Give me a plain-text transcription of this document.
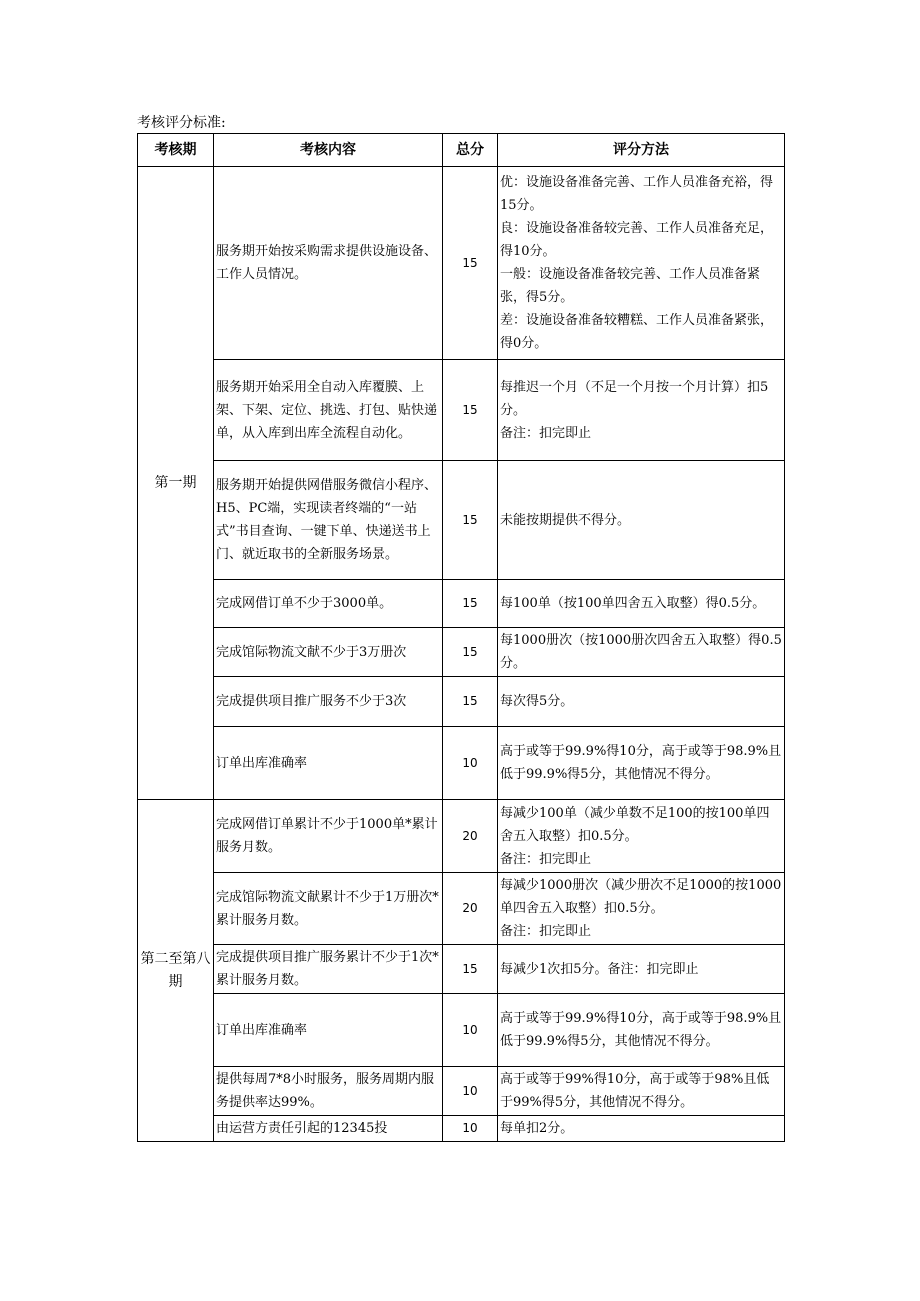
考核评分标准:
考核期	考核内容	总分	评分方法
第一期	服务期开始按采购需求提供设施设备、工作人员情况。	15	优：设施设备准备完善、工作人员准备充裕，得15分。

良：设施设备准备较完善、工作人员准备充足，得10分。

一般：设施设备准备较完善、工作人员准备紧张，得5分。

差：设施设备准备较糟糕、工作人员准备紧张，得0分。

	服务期开始采用全自动入库覆膜、上架、下架、定位、挑选、打包、贴快递单，从入库到出库全流程自动化。	15	每推迟一个月（不足一个月按一个月计算）扣5分。

备注：扣完即止

	服务期开始提供网借服务微信小程序、H5、PC端，实现读者终端的“一站式”书目查询、一键下单、快递送书上门、就近取书的全新服务场景。	15	未能按期提供不得分。

	完成网借订单不少于3000单。	15	每100单（按100单四舍五入取整）得0.5分。

	完成馆际物流文献不少于3万册次	15	每1000册次（按1000册次四舍五入取整）得0.5分。

	完成提供项目推广服务不少于3次	15	每次得5分。

	订单出库准确率	10	高于或等于99.9%得10分，高于或等于98.9%且低于99.9%得5分，其他情况不得分。

第二至第八期	完成网借订单累计不少于1000单*累计服务月数。	20	每减少100单（减少单数不足100的按100单四舍五入取整）扣0.5分。

备注：扣完即止

	完成馆际物流文献累计不少于1万册次*累计服务月数。	20	每减少1000册次（减少册次不足1000的按1000单四舍五入取整）扣0.5分。

备注：扣完即止

	完成提供项目推广服务累计不少于1次*累计服务月数。	15	每减少1次扣5分。备注：扣完即止

	订单出库准确率	10	高于或等于99.9%得10分，高于或等于98.9%且低于99.9%得5分，其他情况不得分。

	提供每周7*8小时服务，服务周期内服务提供率达99%。	10	高于或等于99%得10分，高于或等于98%且低于99%得5分，其他情况不得分。

	由运营方责任引起的12345投	10	每单扣2分。
